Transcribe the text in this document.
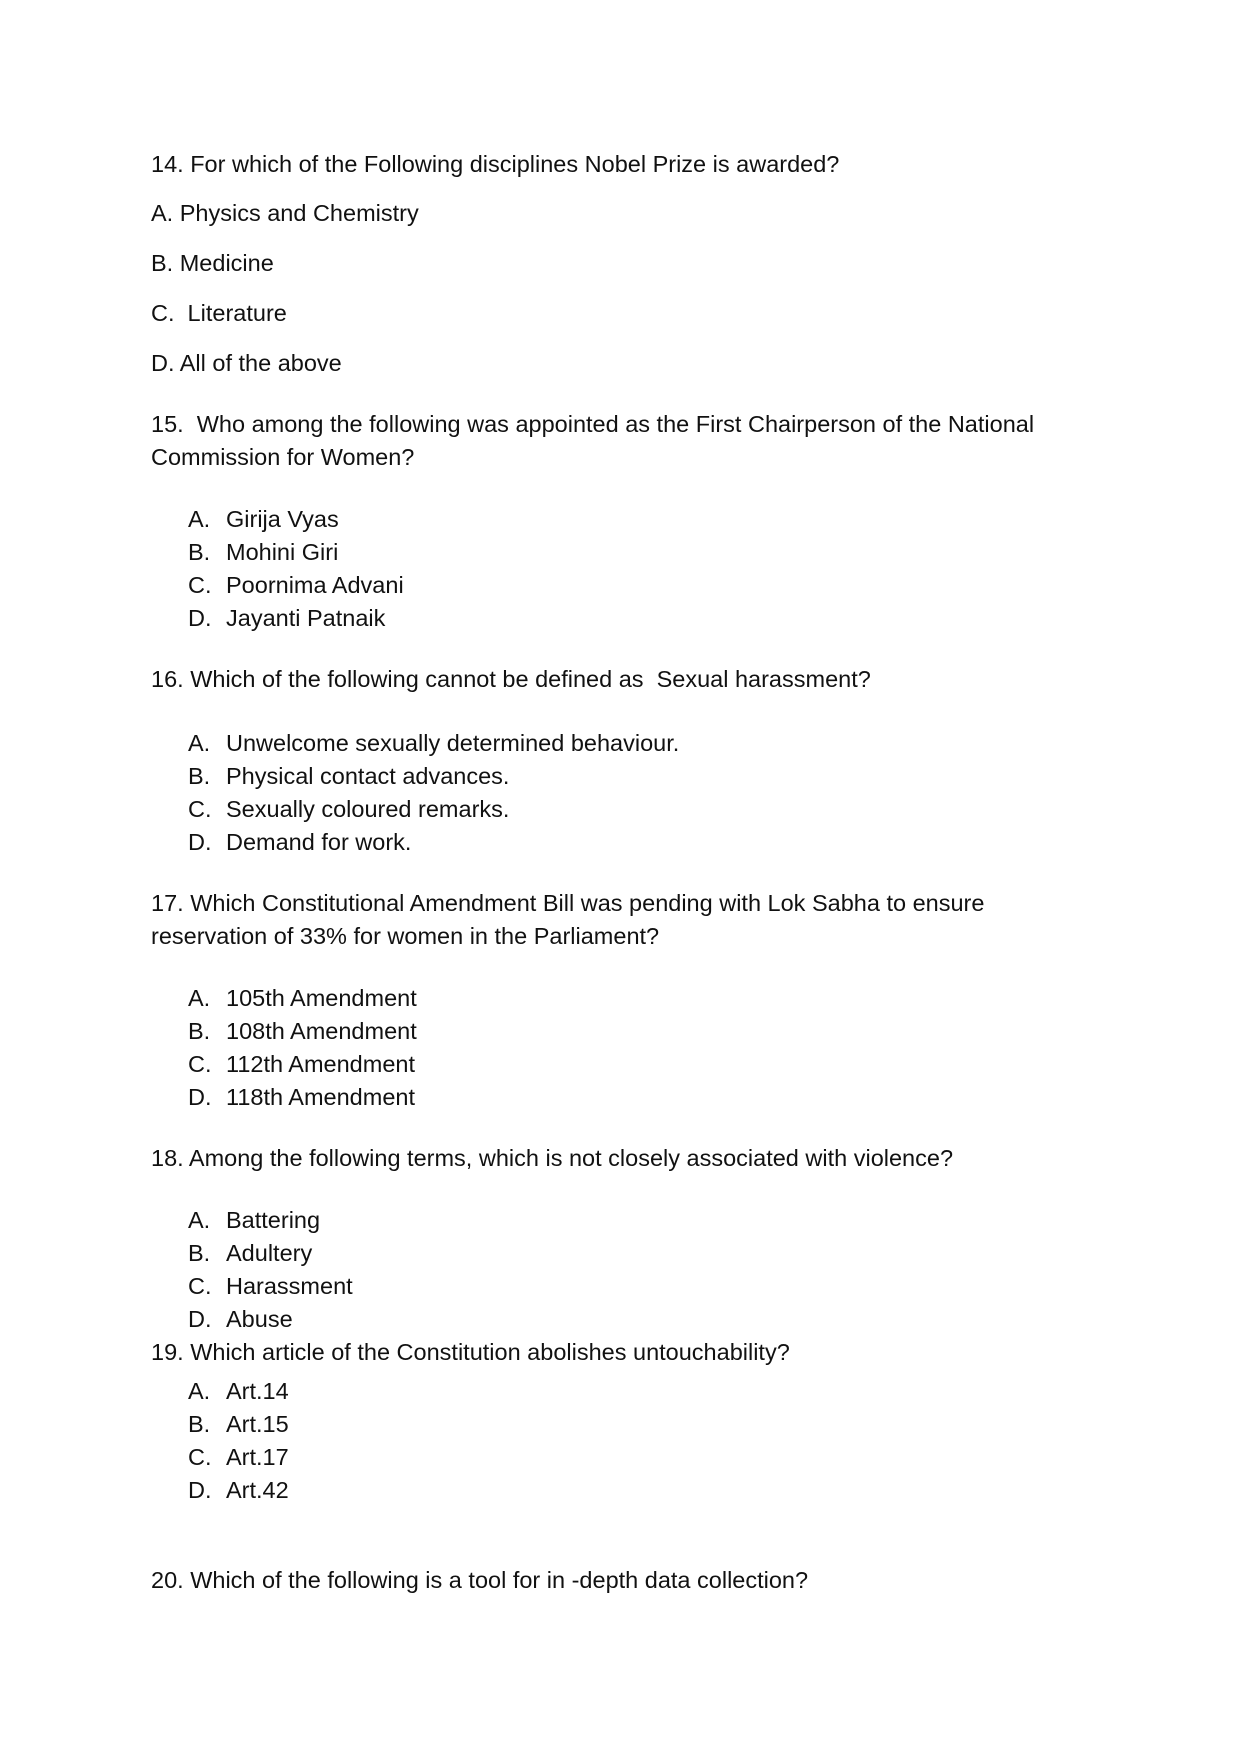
14. For which of the Following disciplines Nobel Prize is awarded?
A. Physics and Chemistry
B. Medicine
C.  Literature
D. All of the above
15.  Who among the following was appointed as the First Chairperson of the National
Commission for Women?
A. Girija Vyas
B. Mohini Giri
C. Poornima Advani
D. Jayanti Patnaik
16. Which of the following cannot be defined as  Sexual harassment?
A. Unwelcome sexually determined behaviour.
B. Physical contact advances.
C. Sexually coloured remarks.
D. Demand for work.
17. Which Constitutional Amendment Bill was pending with Lok Sabha to ensure
reservation of 33% for women in the Parliament?
A. 105th Amendment
B. 108th Amendment
C. 112th Amendment
D. 118th Amendment
18. Among the following terms, which is not closely associated with violence?
A. Battering
B. Adultery
C. Harassment
D. Abuse
19. Which article of the Constitution abolishes untouchability?
A. Art.14
B. Art.15
C. Art.17
D. Art.42
20. Which of the following is a tool for in -depth data collection?
